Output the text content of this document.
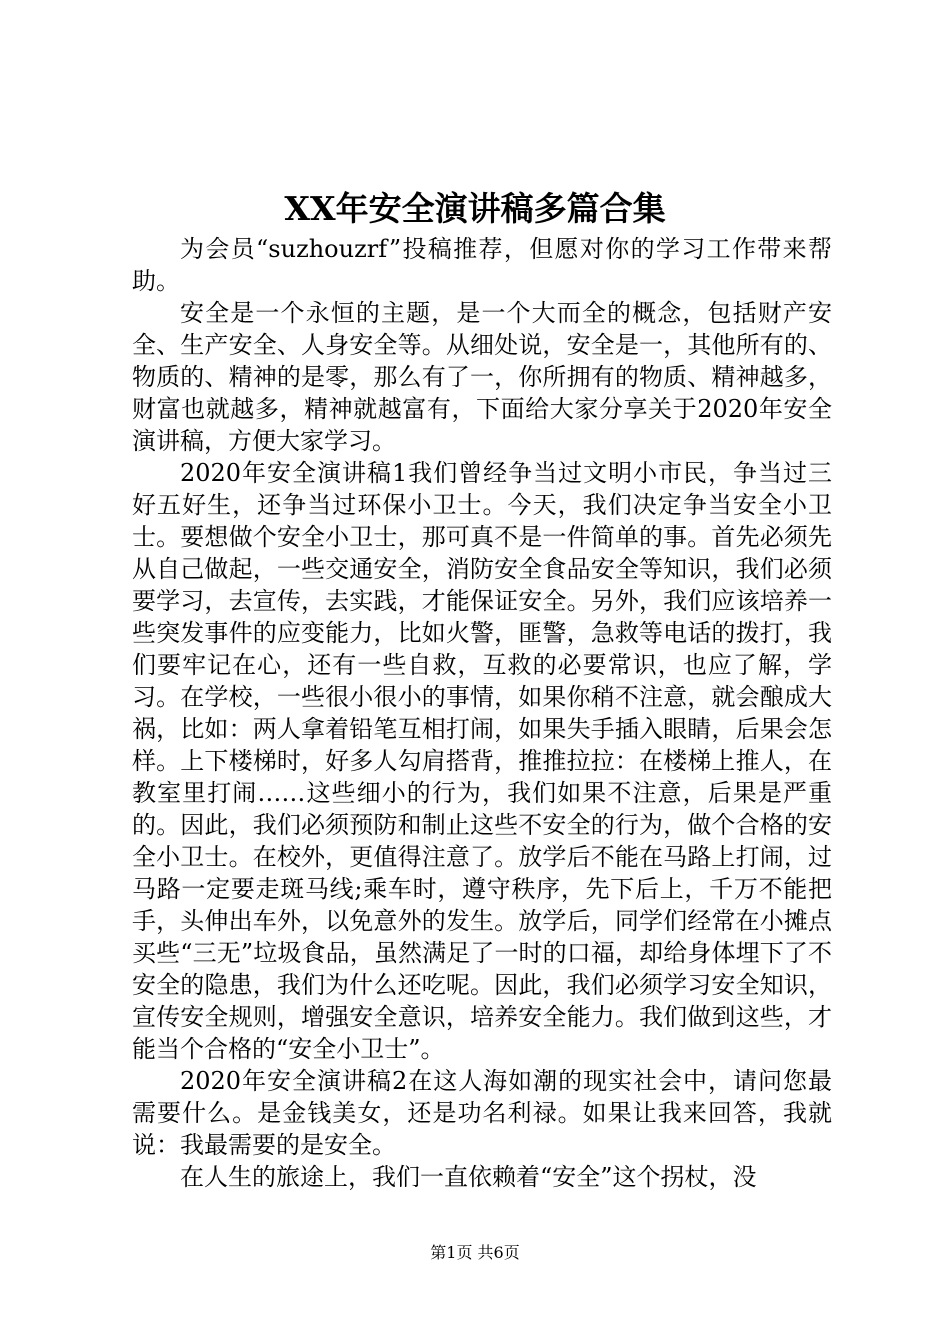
XX年安全演讲稿多篇合集

为会员“suzhouzrf”投稿推荐，但愿对你的学习工作带来帮助。

安全是一个永恒的主题，是一个大而全的概念，包括财产安全、生产安全、人身安全等。从细处说，安全是一，其他所有的、物质的、精神的是零，那么有了一，你所拥有的物质、精神越多，财富也就越多，精神就越富有，下面给大家分享关于2020年安全演讲稿，方便大家学习。

2020年安全演讲稿1我们曾经争当过文明小市民，争当过三好五好生，还争当过环保小卫士。今天，我们决定争当安全小卫士。要想做个安全小卫士，那可真不是一件简单的事。首先必须先从自己做起，一些交通安全，消防安全食品安全等知识，我们必须要学习，去宣传，去实践，才能保证安全。另外，我们应该培养一些突发事件的应变能力，比如火警，匪警，急救等电话的拨打，我们要牢记在心，还有一些自救，互救的必要常识，也应了解，学习。在学校，一些很小很小的事情，如果你稍不注意，就会酿成大祸，比如：两人拿着铅笔互相打闹，如果失手插入眼睛，后果会怎样。上下楼梯时，好多人勾肩搭背，推推拉拉：在楼梯上推人，在教室里打闹……这些细小的行为，我们如果不注意，后果是严重的。因此，我们必须预防和制止这些不安全的行为，做个合格的安全小卫士。在校外，更值得注意了。放学后不能在马路上打闹，过马路一定要走斑马线;乘车时，遵守秩序，先下后上，千万不能把手，头伸出车外，以免意外的发生。放学后，同学们经常在小摊点买些“三无”垃圾食品，虽然满足了一时的口福，却给身体埋下了不安全的隐患，我们为什么还吃呢。因此，我们必须学习安全知识，宣传安全规则，增强安全意识，培养安全能力。我们做到这些，才能当个合格的“安全小卫士”。

2020年安全演讲稿2在这人海如潮的现实社会中，请问您最需要什么。是金钱美女，还是功名利禄。如果让我来回答，我就说：我最需要的是安全。

在人生的旅途上，我们一直依赖着“安全”这个拐杖，没

第1页 共6页
